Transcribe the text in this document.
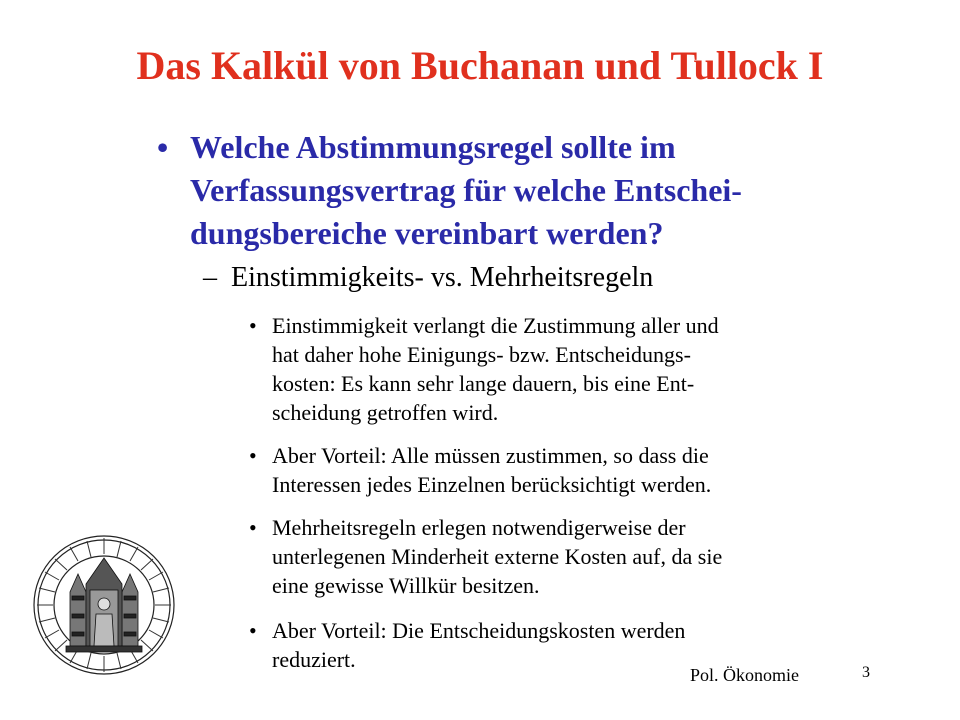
Das Kalkül von Buchanan und Tullock I
• Welche Abstimmungsregel sollte im
Verfassungsvertrag für welche Entschei-
dungsbereiche vereinbart werden?
– Einstimmigkeits- vs. Mehrheitsregeln
• Einstimmigkeit verlangt die Zustimmung aller und
hat daher hohe Einigungs- bzw. Entscheidungs-
kosten: Es kann sehr lange dauern, bis eine Ent-
scheidung getroffen wird.
• Aber Vorteil: Alle müssen zustimmen, so dass die
Interessen jedes Einzelnen berücksichtigt werden.
• Mehrheitsregeln erlegen notwendigerweise der
unterlegenen Minderheit externe Kosten auf, da sie
eine gewisse Willkür besitzen.
• Aber Vorteil: Die Entscheidungskosten werden
reduziert.
Pol. Ökonomie	3
